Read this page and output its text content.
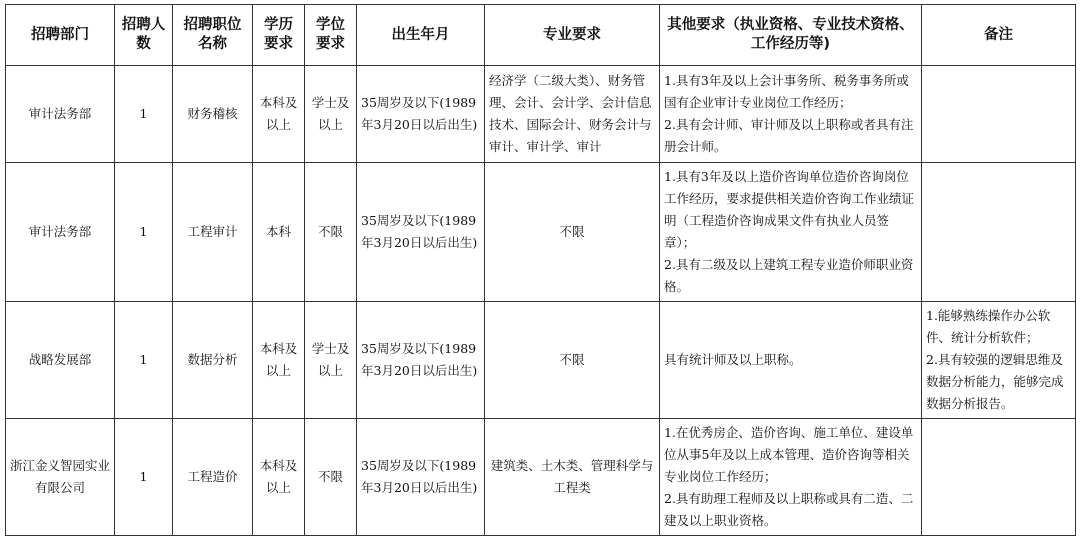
招聘部门	招聘人数	招聘职位名称	学历要求	学位要求	出生年月	专业要求	其他要求（执业资格、专业技术资格、工作经历等)	备注
审计法务部	1	财务稽核	本科及以上	学士及以上	35周岁及以下(1989年3月20日以后出生)	经济学（二级大类）、财务管理、会计、会计学、会计信息技术、国际会计、财务会计与审计、审计学、审计	1.具有3年及以上会计事务所、税务事务所或国有企业审计专业岗位工作经历；
2.具有会计师、审计师及以上职称或者具有注册会计师。	
审计法务部	1	工程审计	本科	不限	35周岁及以下(1989年3月20日以后出生)	不限	1.具有3年及以上造价咨询单位造价咨询岗位工作经历，要求提供相关造价咨询工作业绩证明（工程造价咨询成果文件有执业人员签章）；
2.具有二级及以上建筑工程专业造价师职业资格。	
战略发展部	1	数据分析	本科及以上	学士及以上	35周岁及以下(1989年3月20日以后出生)	不限	具有统计师及以上职称。	1.能够熟练操作办公软件、统计分析软件；
2.具有较强的逻辑思维及数据分析能力，能够完成数据分析报告。
浙江金义智园实业有限公司	1	工程造价	本科及以上	不限	35周岁及以下(1989年3月20日以后出生)	建筑类、土木类、管理科学与工程类	1.在优秀房企、造价咨询、施工单位、建设单位从事5年及以上成本管理、造价咨询等相关专业岗位工作经历；
2.具有助理工程师及以上职称或具有二造、二建及以上职业资格。	
